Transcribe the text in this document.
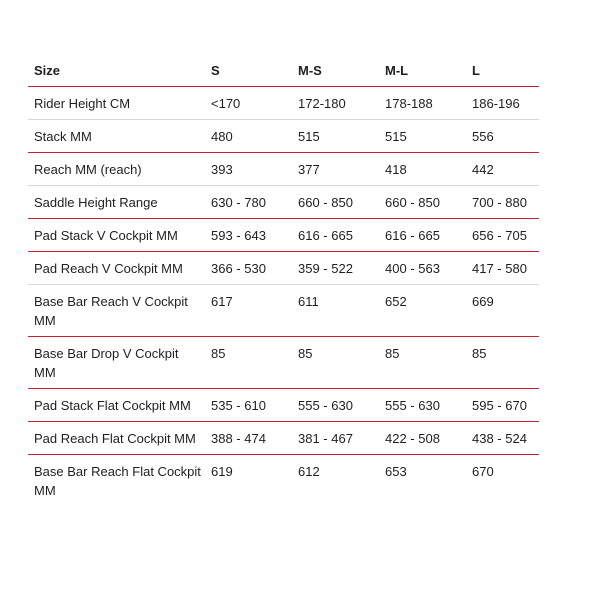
Size	S	M-S	M-L	L
Rider Height CM	<170	172-180	178-188	186-196
Stack MM	480	515	515	556
Reach MM (reach)	393	377	418	442
Saddle Height Range	630 - 780	660 - 850	660 - 850	700 - 880
Pad Stack V Cockpit MM	593 - 643	616 - 665	616 - 665	656 - 705
Pad Reach V Cockpit MM	366 - 530	359 - 522	400 - 563	417 - 580
Base Bar Reach V Cockpit MM	617	611	652	669
Base Bar Drop V Cockpit MM	85	85	85	85
Pad Stack Flat Cockpit MM	535 - 610	555 - 630	555 - 630	595 - 670
Pad Reach Flat Cockpit MM	388 - 474	381 - 467	422 - 508	438 - 524
Base Bar Reach Flat Cockpit MM	619	612	653	670
